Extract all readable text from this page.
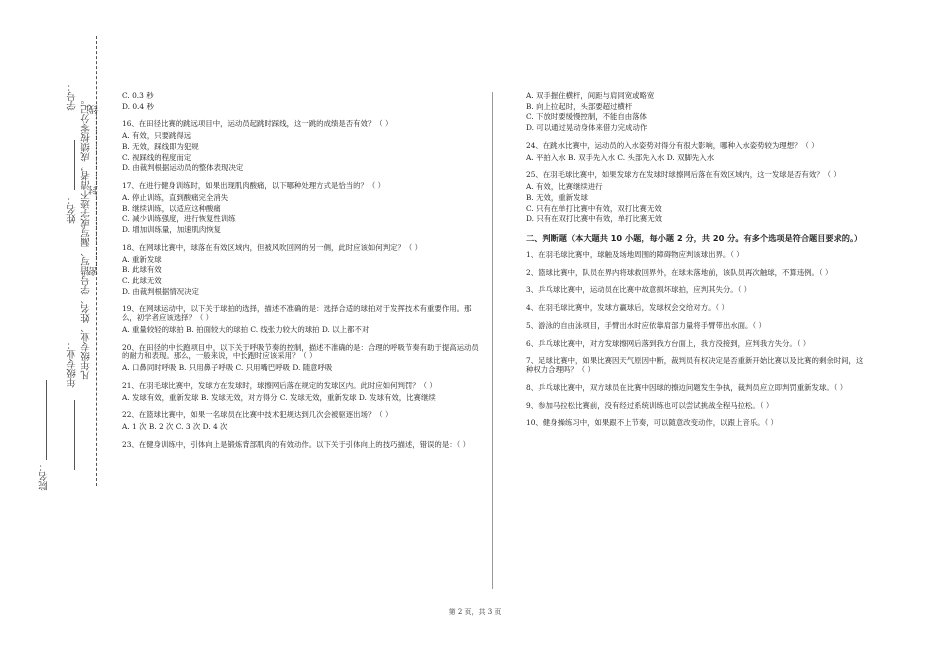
学号：
姓名： 凡年级专业、姓名、学号错写、漏写或字迹不清者，成绩按零分记。
密……………………封……………………线
年级专业：
院名：

C. 0.3 秒

D. 0.4 秒

16、在田径比赛的跳远项目中，运动员起跳时踩线，这一跳的成绩是否有效？（ ）

A. 有效，只要跳得远

B. 无效，踩线即为犯规

C. 视踩线的程度而定

D. 由裁判根据运动员的整体表现决定

17、在进行健身训练时，如果出现肌肉酸痛，以下哪种处理方式是恰当的？（ ）

A. 停止训练，直到酸痛完全消失

B. 继续训练，以适应这种酸痛

C. 减少训练强度，进行恢复性训练

D. 增加训练量，加速肌肉恢复

18、在网球比赛中，球落在有效区域内，但被风吹回网的另一侧，此时应该如何判定？（ ）

A. 重新发球

B. 此球有效

C. 此球无效

D. 由裁判根据情况决定

19、在网球运动中，以下关于球拍的选择，描述不准确的是：选择合适的球拍对于发挥技术有重要作用。那么，初学者应该选择？（ ）

A. 重量较轻的球拍 B. 拍面较大的球拍 C. 线张力较大的球拍 D. 以上都不对

20、在田径的中长跑项目中，以下关于呼吸节奏的控制，描述不准确的是：合理的呼吸节奏有助于提高运动员的耐力和表现。那么，一般来说，中长跑时应该采用？（ ）

A. 口鼻同时呼吸 B. 只用鼻子呼吸 C. 只用嘴巴呼吸 D. 随意呼吸

21、在羽毛球比赛中，发球方在发球时，球擦网后落在规定的发球区内。此时应如何判罚？（ ）

A. 发球有效，重新发球 B. 发球无效，对方得分 C. 发球无效，重新发球 D. 发球有效，比赛继续

22、在篮球比赛中，如果一名球员在比赛中技术犯规达到几次会被驱逐出场？（ ）

A. 1 次 B. 2 次 C. 3 次 D. 4 次

23、在健身训练中，引体向上是锻炼背部肌肉的有效动作。以下关于引体向上的技巧描述，错误的是：（ ）

A. 双手握住横杆，间距与肩同宽或略宽

B. 向上拉起时，头部要超过横杆

C. 下放时要缓慢控制，不能自由落体

D. 可以通过晃动身体来借力完成动作

24、在跳水比赛中，运动员的入水姿势对得分有很大影响，哪种入水姿势较为理想？（ ）

A. 平拍入水 B. 双手先入水 C. 头部先入水 D. 双脚先入水

25、在羽毛球比赛中，如果发球方在发球时球擦网后落在有效区域内，这一发球是否有效？（ ）

A. 有效，比赛继续进行

B. 无效，重新发球

C. 只有在单打比赛中有效，双打比赛无效

D. 只有在双打比赛中有效，单打比赛无效

二、判断题（本大题共 10 小题，每小题 2 分，共 20 分。有多个选项是符合题目要求的。）
1、在羽毛球比赛中，球触及场地周围的障碍物应判该球出界。（ ）
2、篮球比赛中，队员在界内将球救回界外，在球未落地前，该队员再次触球，不算违例。（ ）
3、乒乓球比赛中，运动员在比赛中故意损坏球拍，应判其失分。（ ）
4、在羽毛球比赛中，发球方赢球后，发球权会交给对方。（ ）
5、游泳的自由泳项目，手臂出水时应依靠肩部力量将手臂带出水面。（ ）
6、乒乓球比赛中，对方发球擦网后落到我方台面上，我方没接到，应判我方失分。（ ）
7、足球比赛中，如果比赛因天气原因中断，裁判员有权决定是否重新开始比赛以及比赛的剩余时间，这种权力合理吗？（ ）
8、乒乓球比赛中，双方球员在比赛中因球的擦边问题发生争执，裁判员应立即判罚重新发球。（ ）
9、参加马拉松比赛前，没有经过系统训练也可以尝试挑战全程马拉松。（ ）
10、健身操练习中，如果跟不上节奏，可以随意改变动作，以跟上音乐。（ ）
第 2 页，共 3 页
